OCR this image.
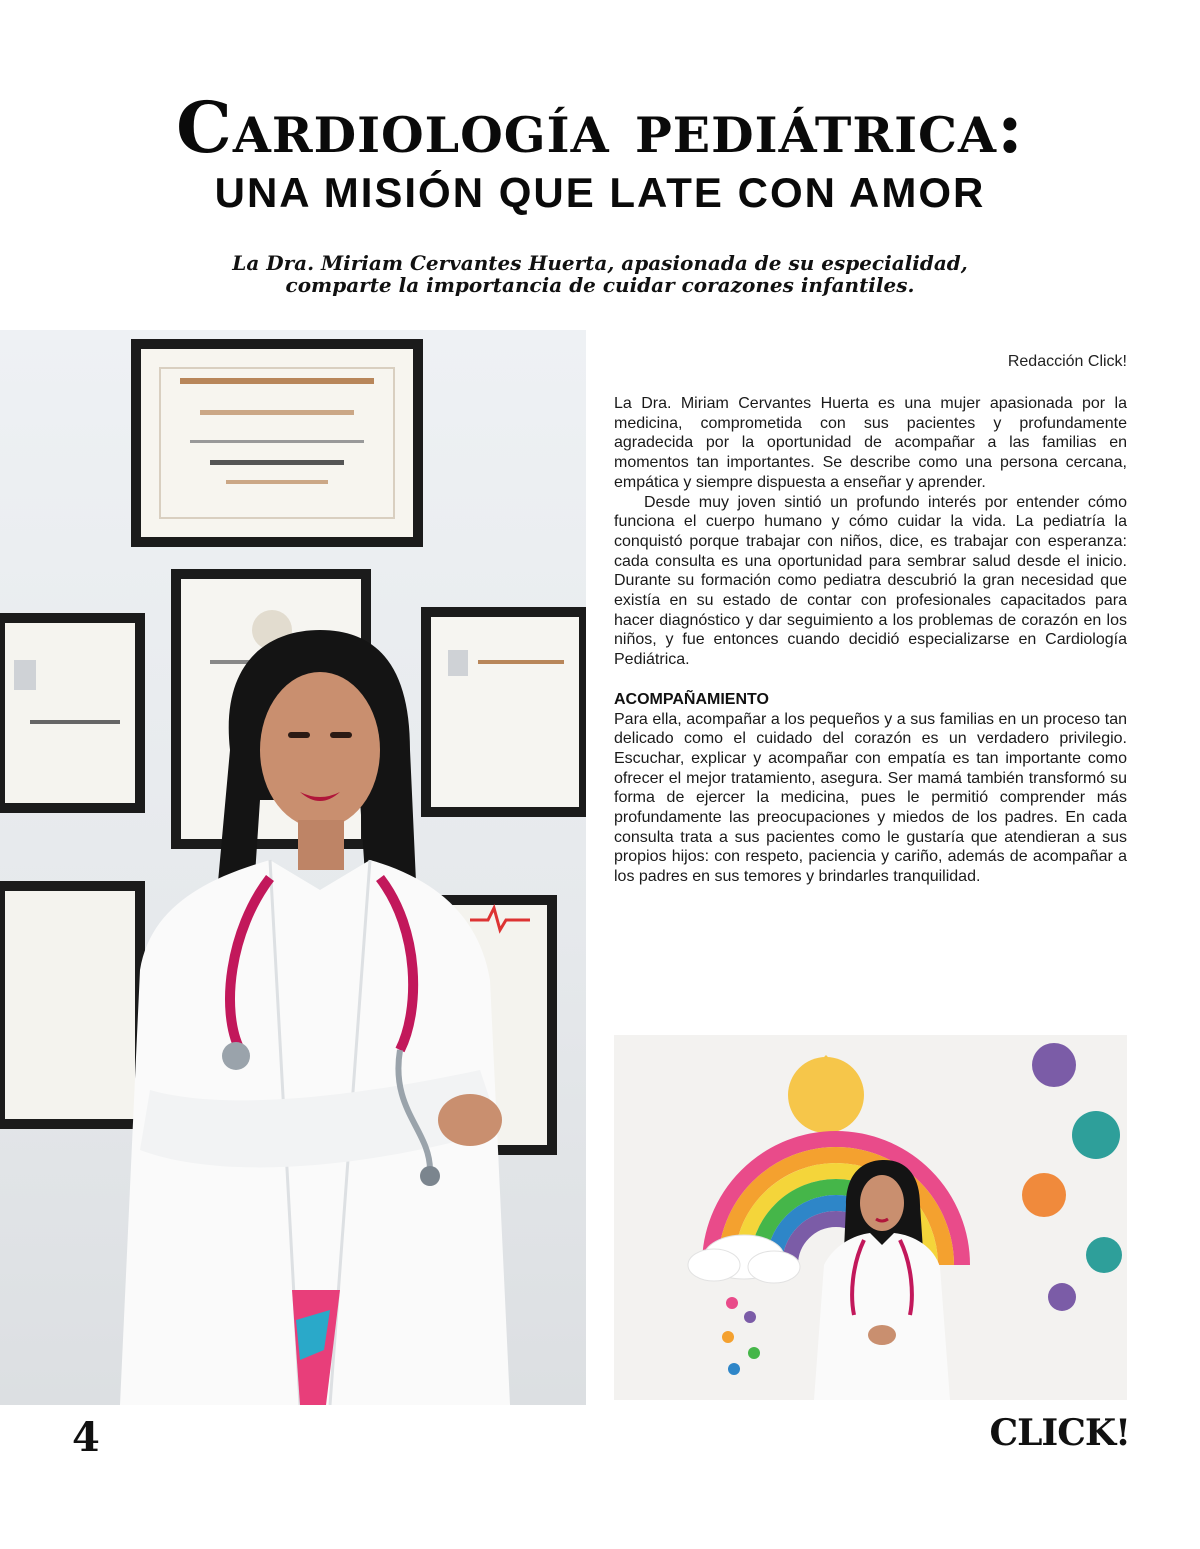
Cardiología pediátrica:
UNA MISIÓN QUE LATE CON AMOR
La Dra. Miriam Cervantes Huerta, apasionada de su especialidad,
comparte la importancia de cuidar corazones infantiles.
Redacción Click!

La Dra. Miriam Cervantes Huerta es una mujer apasionada por la medicina, comprometida con sus pacientes y profundamente agradecida por la oportunidad de acompañar a las familias en momentos tan importantes. Se describe como una persona cercana, empática y siempre dispuesta a enseñar y aprender.

Desde muy joven sintió un profundo interés por entender cómo funciona el cuerpo humano y cómo cuidar la vida. La pediatría la conquistó porque trabajar con niños, dice, es trabajar con esperanza: cada consulta es una oportunidad para sembrar salud desde el inicio. Durante su formación como pediatra descubrió la gran necesidad que existía en su estado de contar con profesionales capacitados para hacer diagnóstico y dar seguimiento a los problemas de corazón en los niños, y fue entonces cuando decidió especializarse en Cardiología Pediátrica.

ACOMPAÑAMIENTO

Para ella, acompañar a los pequeños y a sus familias en un proceso tan delicado como el cuidado del corazón es un verdadero privilegio. Escuchar, explicar y acompañar con empatía es tan importante como ofrecer el mejor tratamiento, asegura. Ser mamá también transformó su forma de ejercer la medicina, pues le permitió comprender más profundamente las preocupaciones y miedos de los padres. En cada consulta trata a sus pacientes como le gustaría que atendieran a sus propios hijos: con respeto, paciencia y cariño, además de acompañar a los padres en sus temores y brindarles tranquilidad.

4	CLICK!
